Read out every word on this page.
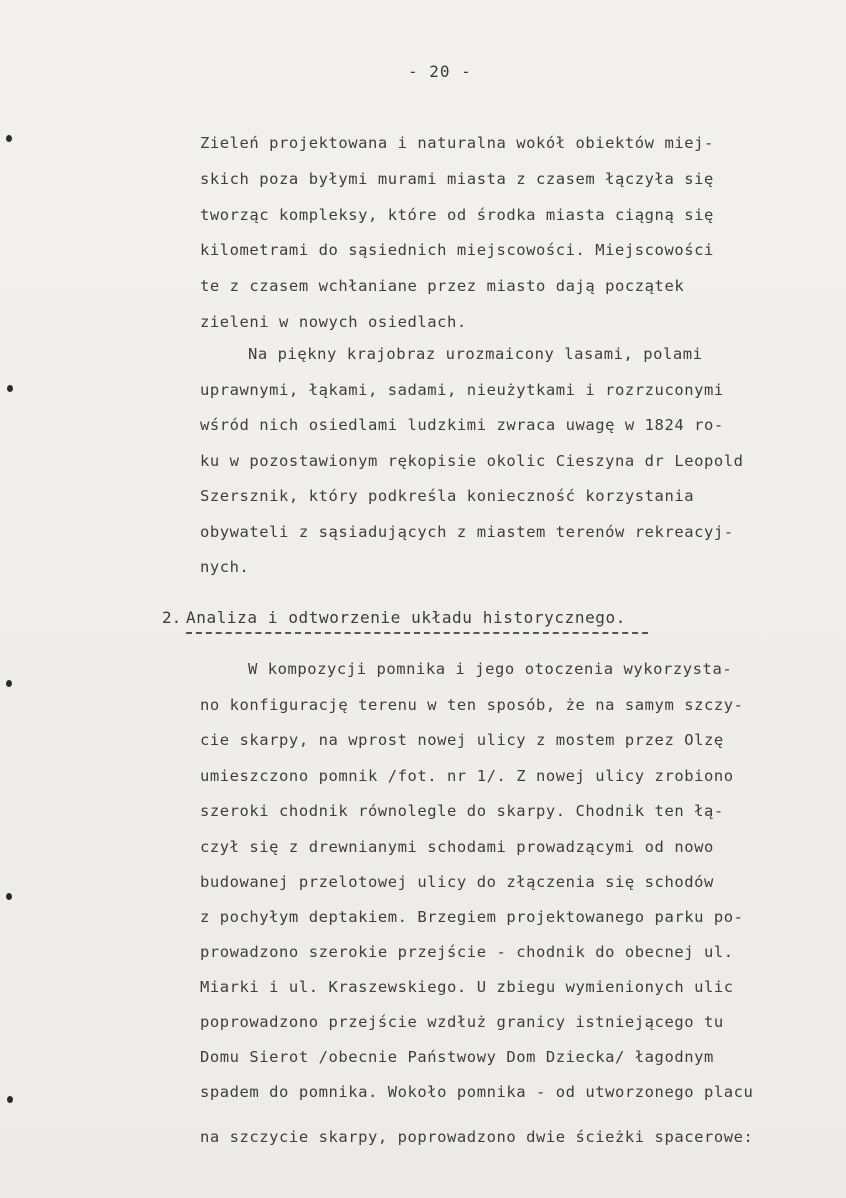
- 20 -
Zieleń projektowana i naturalna wokół obiektów miej-
skich poza byłymi murami miasta z czasem łączyła się
tworząc kompleksy, które od środka miasta ciągną się
kilometrami do sąsiednich miejscowości. Miejscowości
te z czasem wchłaniane przez miasto dają początek
zieleni w nowych osiedlach.
Na piękny krajobraz urozmaicony lasami, polami
uprawnymi, łąkami, sadami, nieużytkami i rozrzuconymi
wśród nich osiedlami ludzkimi zwraca uwagę w 1824 ro-
ku w pozostawionym rękopisie okolic Cieszyna dr Leopold
Szersznik, który podkreśla konieczność korzystania
obywateli z sąsiadujących z miastem terenów rekreacyj-
nych.
2. Analiza i odtworzenie układu historycznego.
W kompozycji pomnika i jego otoczenia wykorzysta-
no konfigurację terenu w ten sposób, że na samym szczy-
cie skarpy, na wprost nowej ulicy z mostem przez Olzę
umieszczono pomnik /fot. nr 1/. Z nowej ulicy zrobiono
szeroki chodnik równolegle do skarpy. Chodnik ten łą-
czył się z drewnianymi schodami prowadzącymi od nowo
budowanej przelotowej ulicy do złączenia się schodów
z pochyłym deptakiem. Brzegiem projektowanego parku po-
prowadzono szerokie przejście - chodnik do obecnej ul.
Miarki i ul. Kraszewskiego. U zbiegu wymienionych ulic
poprowadzono przejście wzdłuż granicy istniejącego tu
Domu Sierot /obecnie Państwowy Dom Dziecka/ łagodnym
spadem do pomnika. Wokoło pomnika - od utworzonego placu
na szczycie skarpy, poprowadzono dwie ścieżki spacerowe:
